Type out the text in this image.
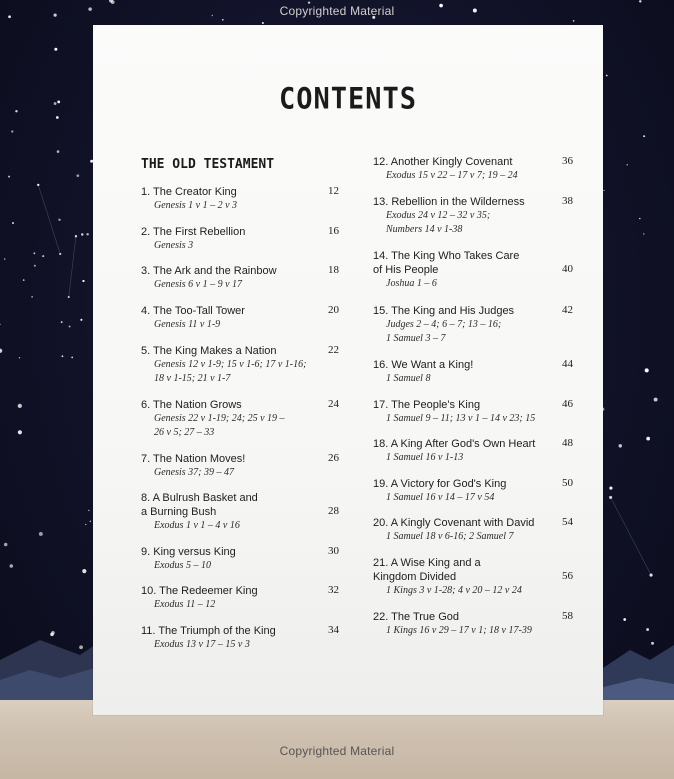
Copyrighted Material
CONTENTS
THE OLD TESTAMENT
1. The Creator King
Genesis 1 v 1 – 2 v 3
12
2. The First Rebellion
Genesis 3
16
3. The Ark and the Rainbow
Genesis 6 v 1 – 9 v 17
18
4. The Too-Tall Tower
Genesis 11 v 1-9
20
5. The King Makes a Nation
Genesis 12 v 1-9; 15 v 1-6; 17 v 1-16;
18 v 1-15; 21 v 1-7
22
6. The Nation Grows
Genesis 22 v 1-19; 24; 25 v 19 –
26 v 5; 27 – 33
24
7. The Nation Moves!
Genesis 37; 39 – 47
26
8. A Bulrush Basket and
a Burning Bush
Exodus 1 v 1 – 4 v 16
28
9. King versus King
Exodus 5 – 10
30
10. The Redeemer King
Exodus 11 – 12
32
11. The Triumph of the King
Exodus 13 v 17 – 15 v 3
34
12. Another Kingly Covenant
Exodus 15 v 22 – 17 v 7; 19 – 24
36
13. Rebellion in the Wilderness
Exodus 24 v 12 – 32 v 35;
Numbers 14 v 1-38
38
14. The King Who Takes Care
of His People
Joshua 1 – 6
40
15. The King and His Judges
Judges 2 – 4; 6 – 7; 13 – 16;
1 Samuel 3 – 7
42
16. We Want a King!
1 Samuel 8
44
17. The People's King
1 Samuel 9 – 11; 13 v 1 – 14 v 23; 15
46
18. A King After God's Own Heart
1 Samuel 16 v 1-13
48
19. A Victory for God's King
1 Samuel 16 v 14 – 17 v 54
50
20. A Kingly Covenant with David
1 Samuel 18 v 6-16; 2 Samuel 7
54
21. A Wise King and a
Kingdom Divided
1 Kings 3 v 1-28; 4 v 20 – 12 v 24
56
22. The True God
1 Kings 16 v 29 – 17 v 1; 18 v 17-39
58
Copyrighted Material
